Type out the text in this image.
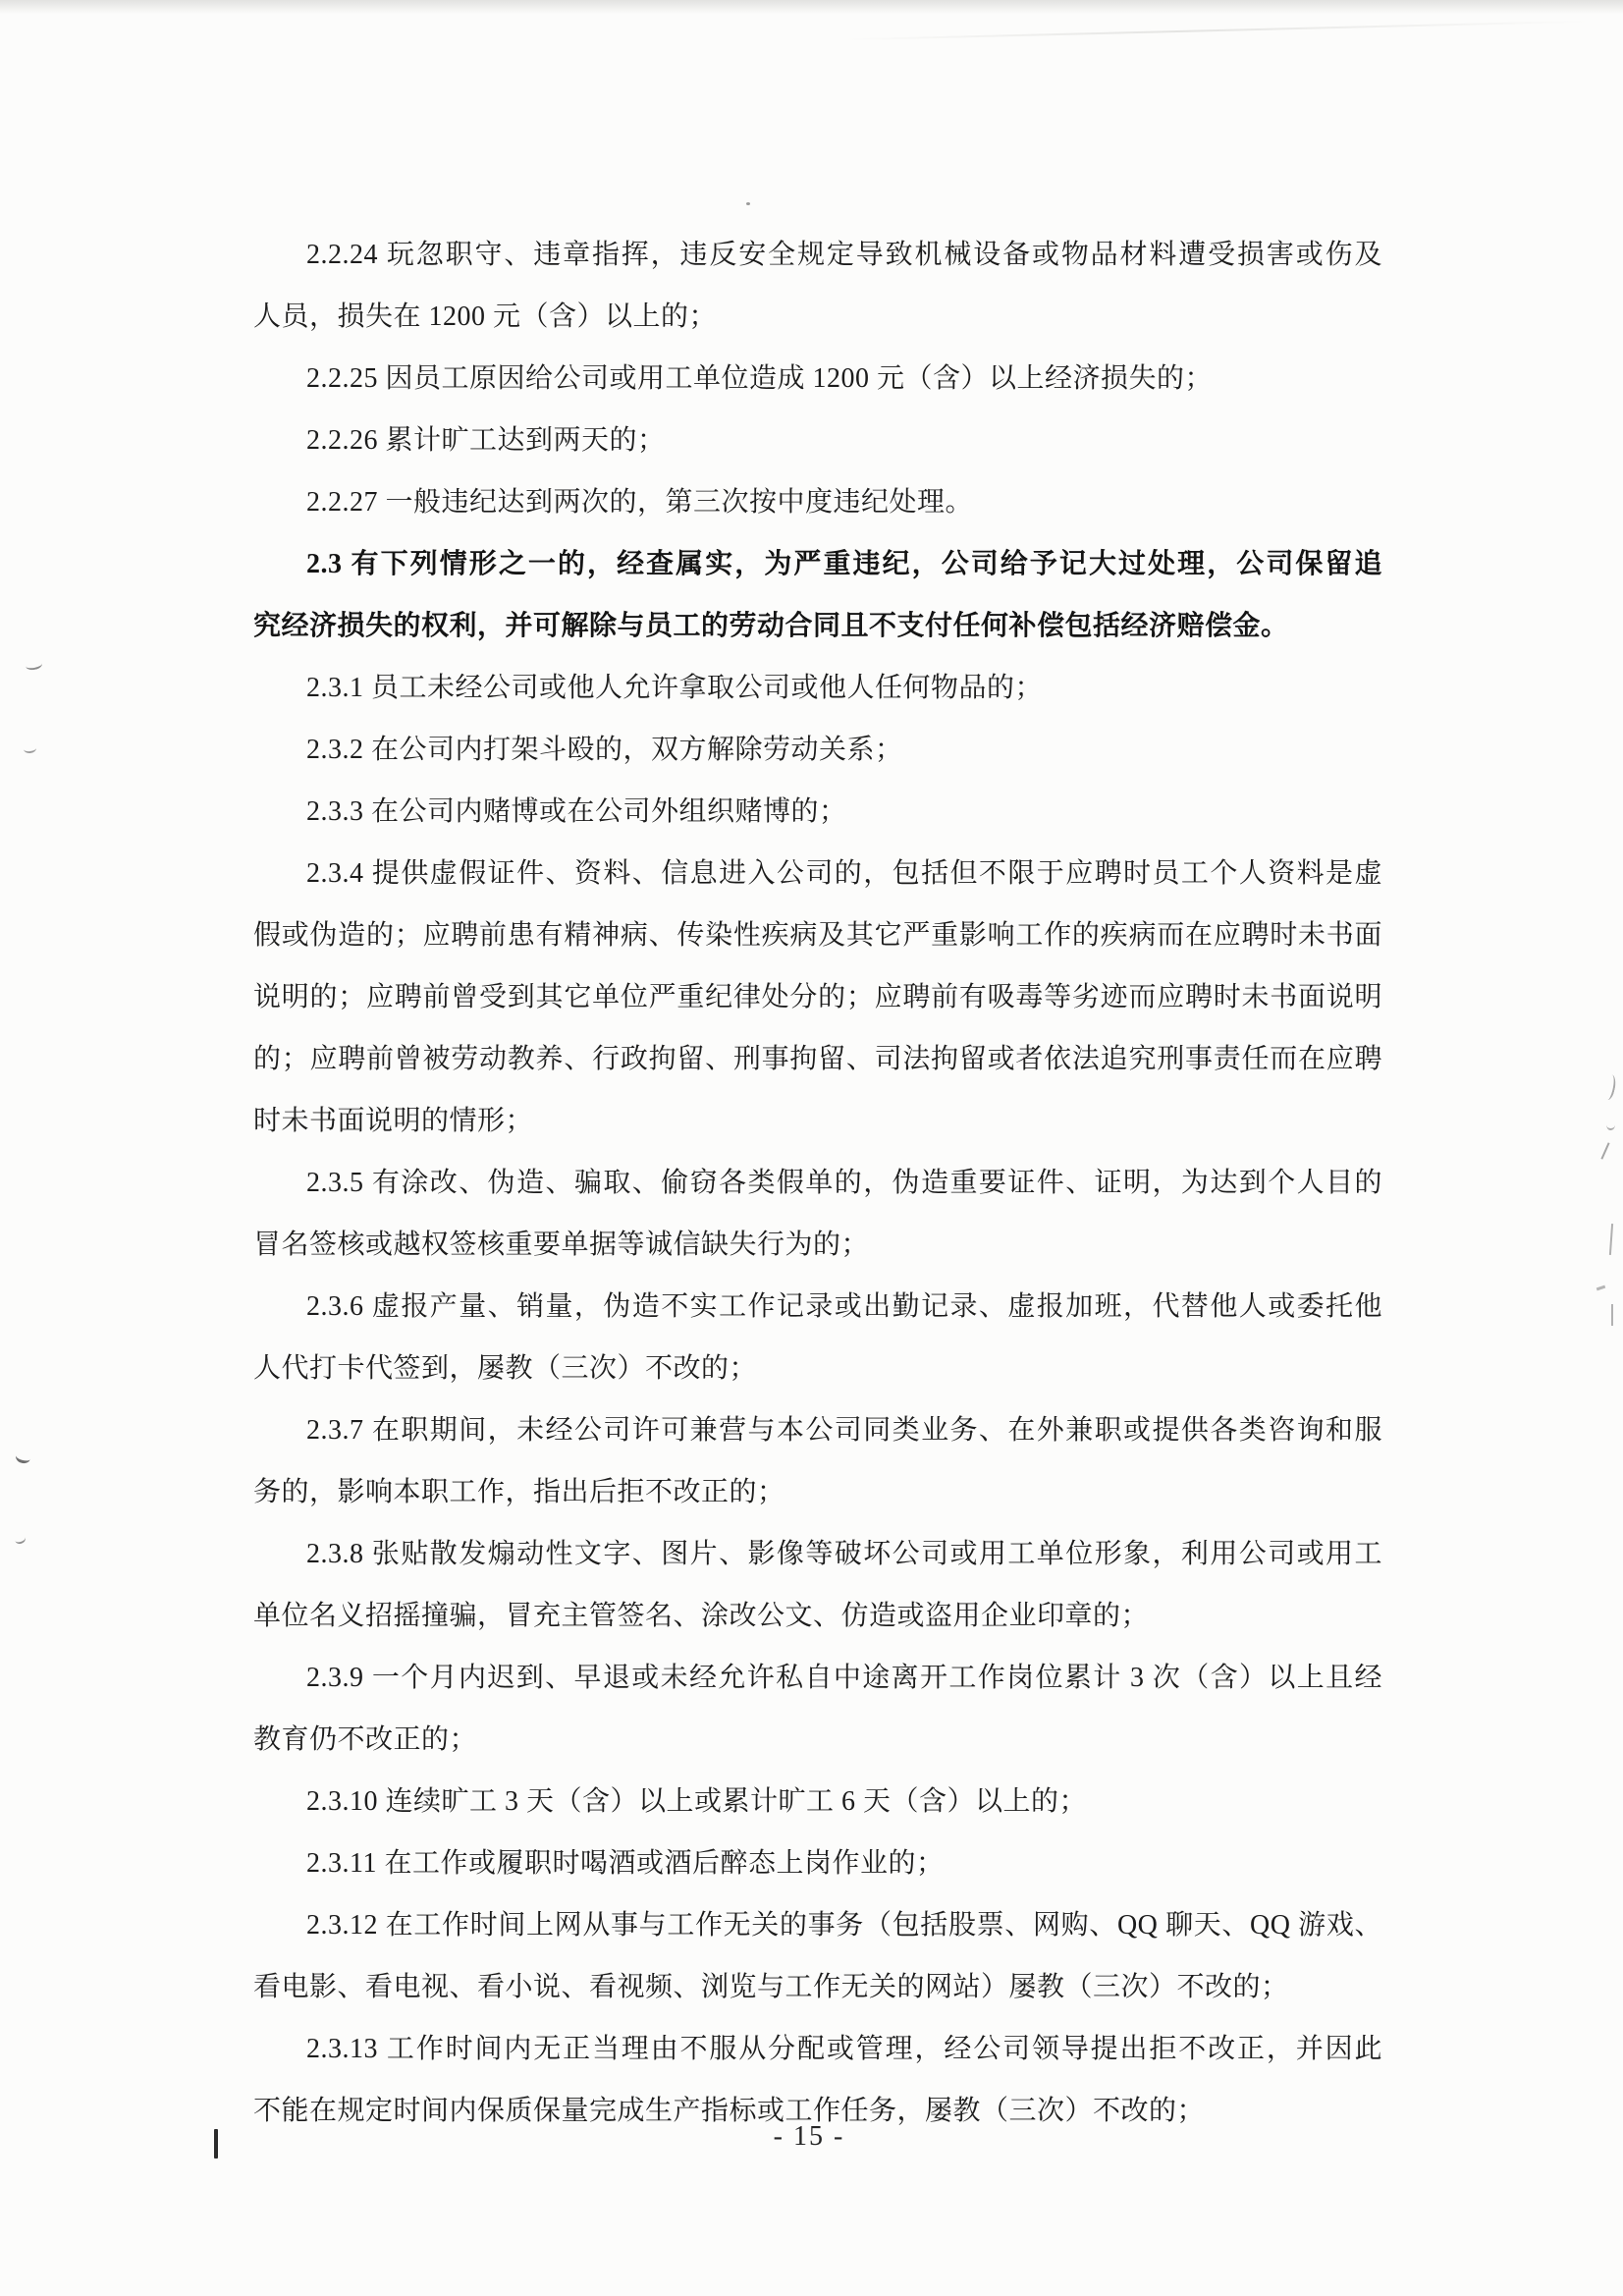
2.2.24 玩忽职守、违章指挥，违反安全规定导致机械设备或物品材料遭受损害或伤及
人员，损失在 1200 元（含）以上的；
2.2.25 因员工原因给公司或用工单位造成 1200 元（含）以上经济损失的；
2.2.26 累计旷工达到两天的；
2.2.27 一般违纪达到两次的，第三次按中度违纪处理。
2.3 有下列情形之一的，经查属实，为严重违纪，公司给予记大过处理，公司保留追
究经济损失的权利，并可解除与员工的劳动合同且不支付任何补偿包括经济赔偿金。
2.3.1 员工未经公司或他人允许拿取公司或他人任何物品的；
2.3.2 在公司内打架斗殴的，双方解除劳动关系；
2.3.3 在公司内赌博或在公司外组织赌博的；
2.3.4 提供虚假证件、资料、信息进入公司的，包括但不限于应聘时员工个人资料是虚
假或伪造的；应聘前患有精神病、传染性疾病及其它严重影响工作的疾病而在应聘时未书面
说明的；应聘前曾受到其它单位严重纪律处分的；应聘前有吸毒等劣迹而应聘时未书面说明
的；应聘前曾被劳动教养、行政拘留、刑事拘留、司法拘留或者依法追究刑事责任而在应聘
时未书面说明的情形；
2.3.5 有涂改、伪造、骗取、偷窃各类假单的，伪造重要证件、证明，为达到个人目的
冒名签核或越权签核重要单据等诚信缺失行为的；
2.3.6 虚报产量、销量，伪造不实工作记录或出勤记录、虚报加班，代替他人或委托他
人代打卡代签到，屡教（三次）不改的；
2.3.7 在职期间，未经公司许可兼营与本公司同类业务、在外兼职或提供各类咨询和服
务的，影响本职工作，指出后拒不改正的；
2.3.8 张贴散发煽动性文字、图片、影像等破坏公司或用工单位形象，利用公司或用工
单位名义招摇撞骗，冒充主管签名、涂改公文、仿造或盗用企业印章的；
2.3.9 一个月内迟到、早退或未经允许私自中途离开工作岗位累计 3 次（含）以上且经
教育仍不改正的；
2.3.10 连续旷工 3 天（含）以上或累计旷工 6 天（含）以上的；
2.3.11 在工作或履职时喝酒或酒后醉态上岗作业的；
2.3.12 在工作时间上网从事与工作无关的事务（包括股票、网购、QQ 聊天、QQ 游戏、
看电影、看电视、看小说、看视频、浏览与工作无关的网站）屡教（三次）不改的；
2.3.13 工作时间内无正当理由不服从分配或管理，经公司领导提出拒不改正，并因此
不能在规定时间内保质保量完成生产指标或工作任务，屡教（三次）不改的；
- 15 -
